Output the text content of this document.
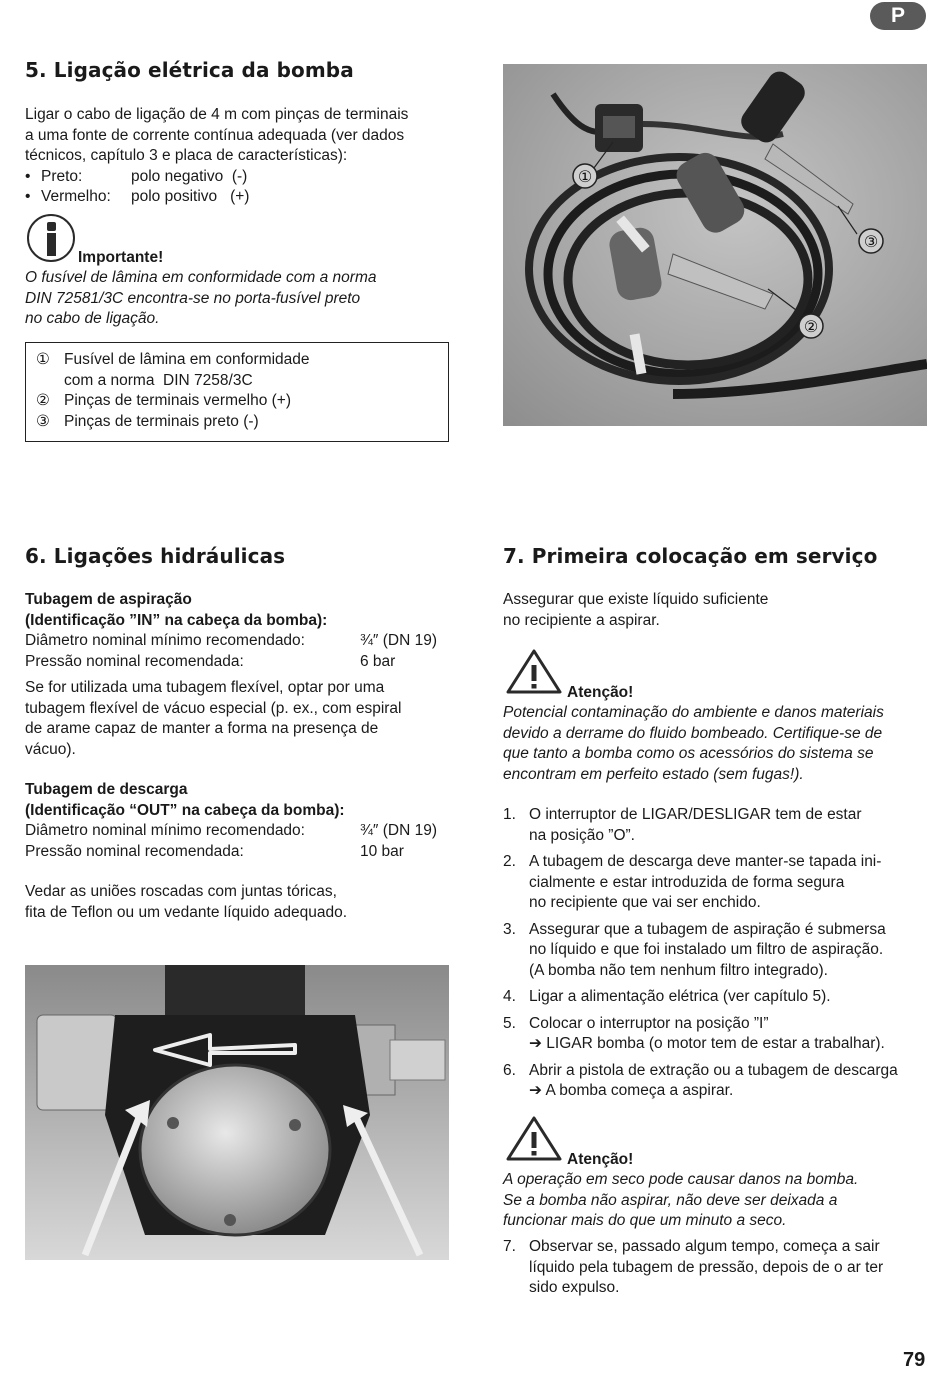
P
5. Ligação elétrica da bomba

Ligar o cabo de ligação de 4 m com pinças de terminais

a uma fonte de corrente contínua adequada (ver dados

técnicos, capítulo 3 e placa de características):

• Preto:	polo negativo  (-)
• Vermelho: polo positivo   (+)
Importante!

O fusível de lâmina em conformidade com a norma

DIN 72581/3C encontra-se no porta-fusível preto

no cabo de ligação.

① Fusível de lâmina em conformidade
com a norma  DIN 7258/3C
② Pinças de terminais vermelho (+)
③ Pinças de terminais preto (-)
①
②
③
6. Ligações hidráulicas

Tubagem de aspiração

(Identificação ”IN” na cabeça da bomba):

Diâmetro nominal mínimo recomendado:	¾″ (DN 19)
Pressão nominal recomendada:	6 bar

Se for utilizada uma tubagem flexível, optar por uma

tubagem flexível de vácuo especial (p. ex., com espiral

de arame capaz de manter a forma na presença de

vácuo).

Tubagem de descarga

(Identificação “OUT” na cabeça da bomba):

Diâmetro nominal mínimo recomendado:	¾″ (DN 19)
Pressão nominal recomendada:	10 bar

Vedar as uniões roscadas com juntas tóricas,

fita de Teflon ou um vedante líquido adequado.

7. Primeira colocação em serviço

Assegurar que existe líquido suficiente

no recipiente a aspirar.

Atenção!

Potencial contaminação do ambiente e danos materiais

devido a derrame do fluido bombeado. Certifique-se de

que tanto a bomba como os acessórios do sistema se

encontram em perfeito estado (sem fugas!).

1. O interruptor de LIGAR/DESLIGAR tem de estar
na posição ”O”.
2. A tubagem de descarga deve manter-se tapada ini-
cialmente e estar introduzida de forma segura
no recipiente que vai ser enchido.
3. Assegurar que a tubagem de aspiração é submersa
no líquido e que foi instalado um filtro de aspiração.
(A bomba não tem nenhum filtro integrado).
4. Ligar a alimentação elétrica (ver capítulo 5).
5. Colocar o interruptor na posição ”I”
➔ LIGAR bomba (o motor tem de estar a trabalhar).
6. Abrir a pistola de extração ou a tubagem de descarga
➔ A bomba começa a aspirar.
Atenção!

A operação em seco pode causar danos na bomba.

Se a bomba não aspirar, não deve ser deixada a

funcionar mais do que um minuto a seco.

7. Observar se, passado algum tempo, começa a sair
líquido pela tubagem de pressão, depois de o ar ter
sido expulso.
79
